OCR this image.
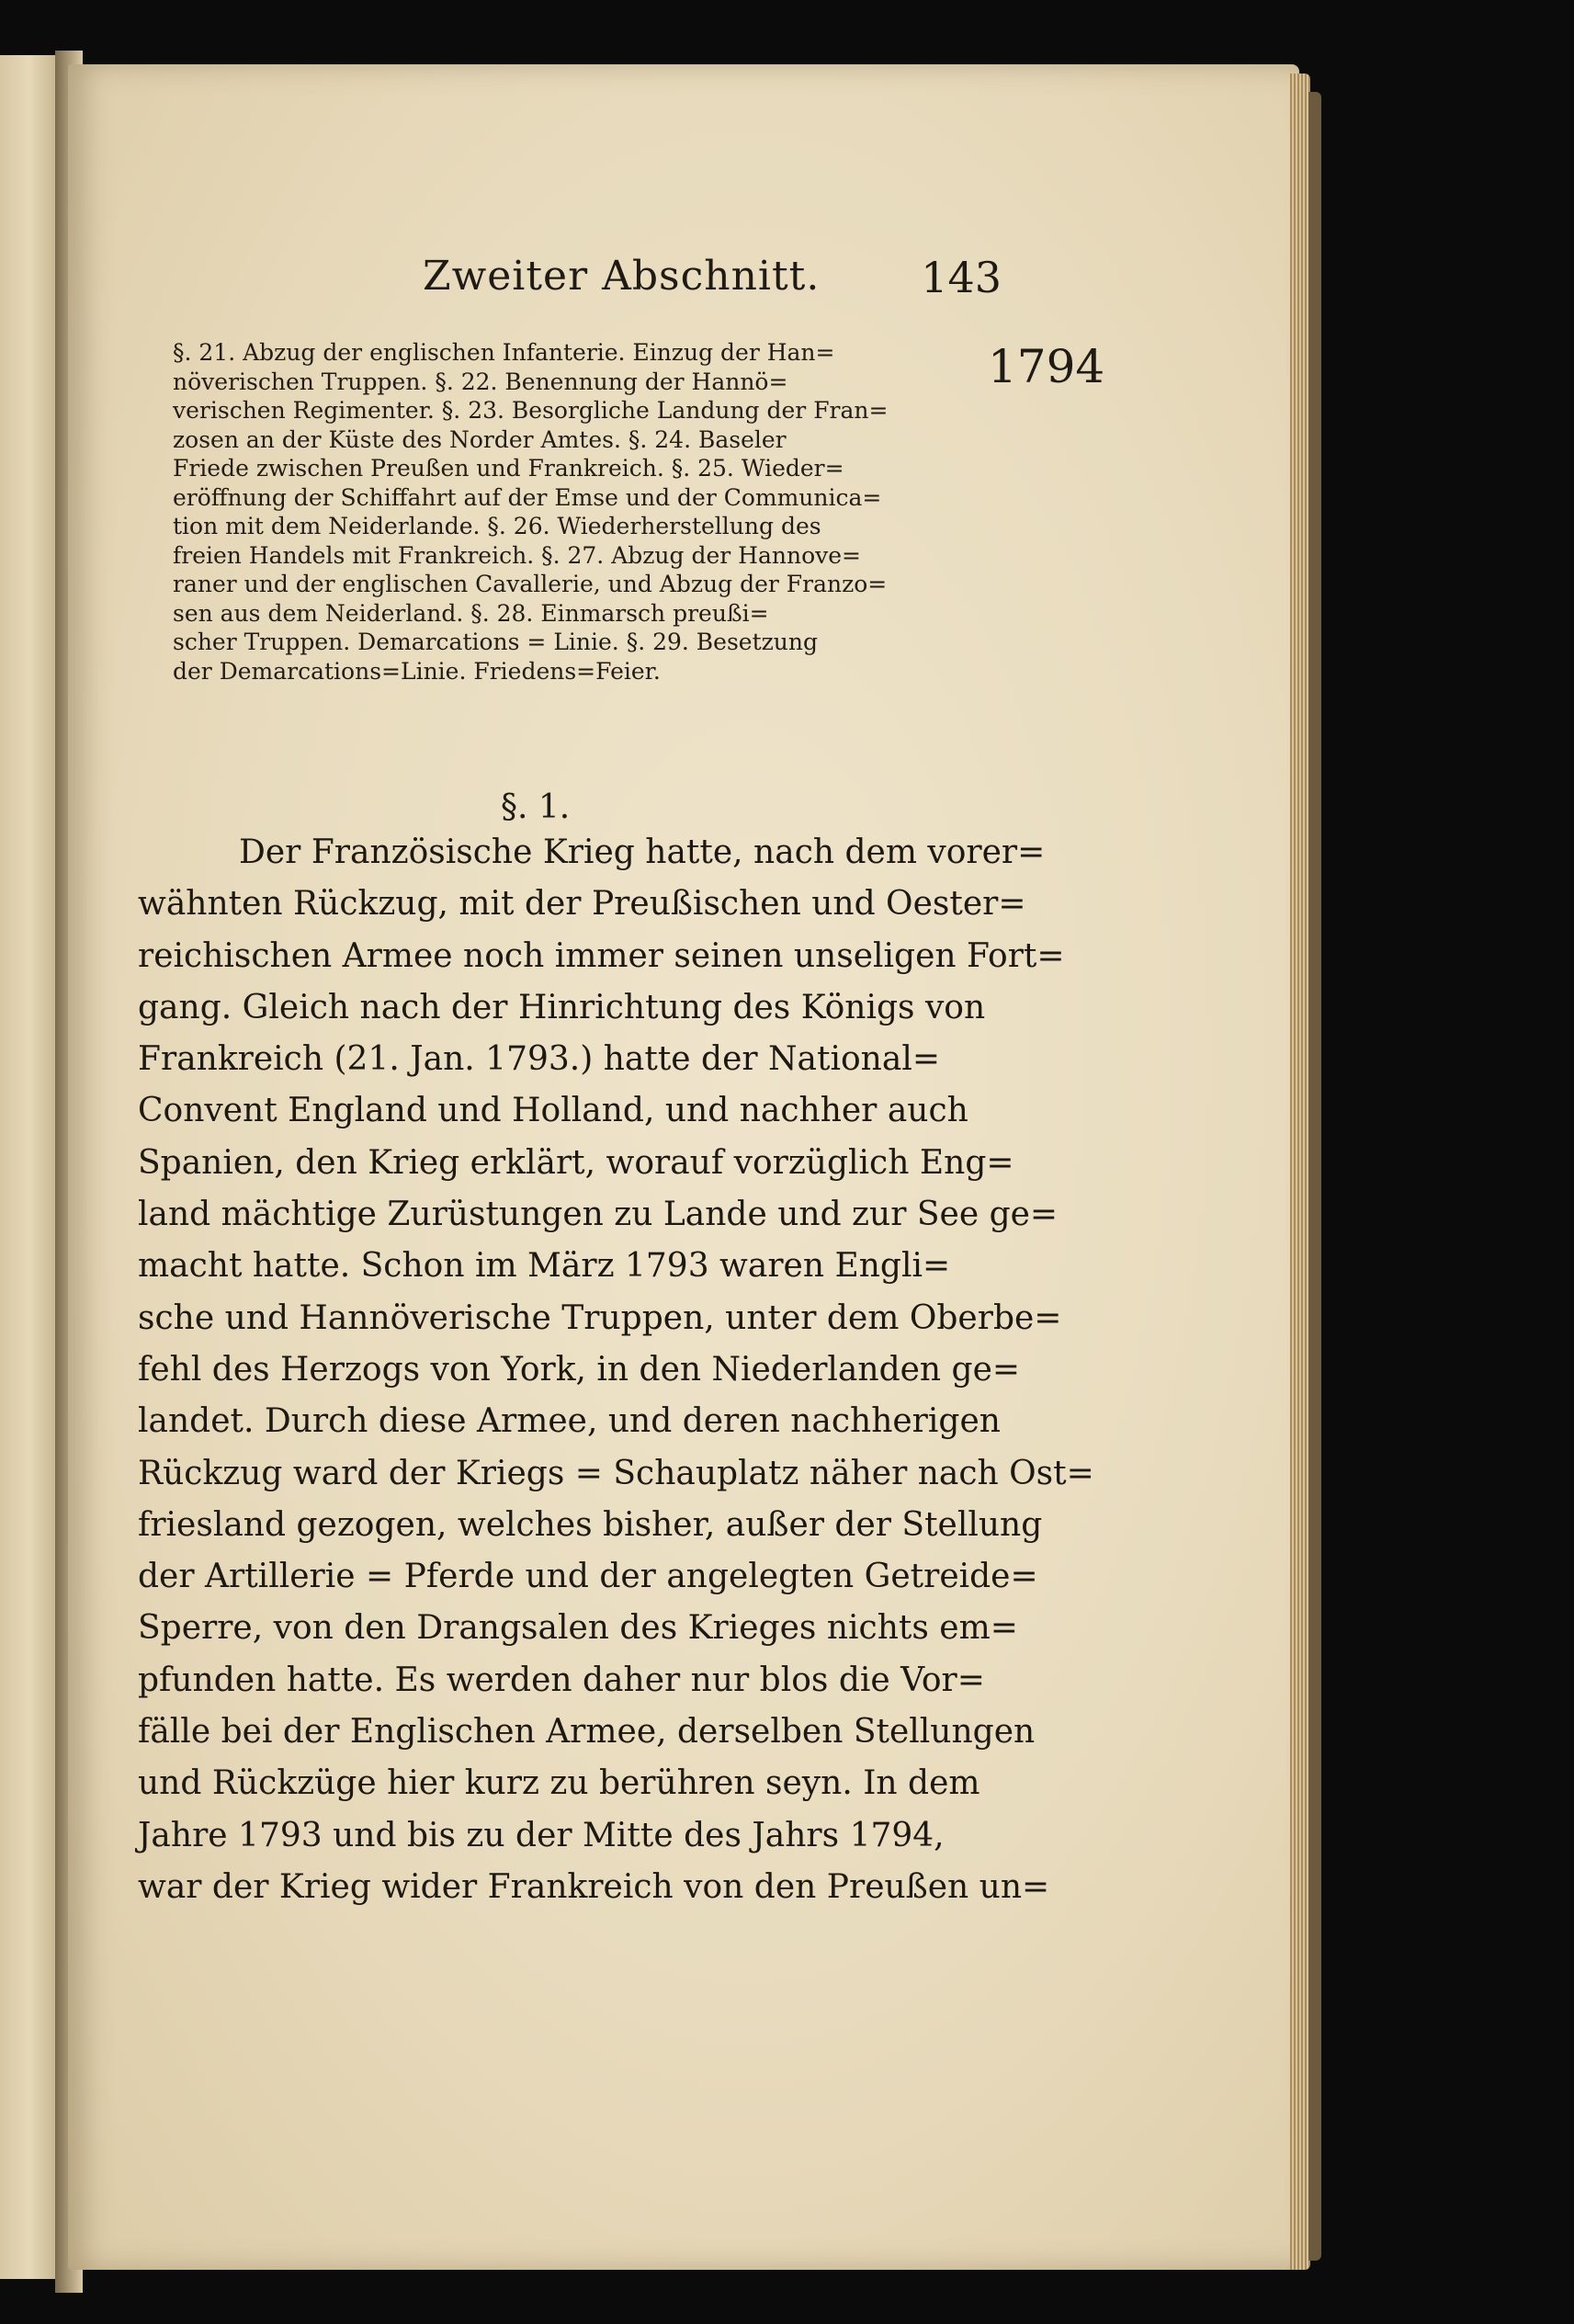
Zweiter Abschnitt. 143
1794
§. 21. Abzug der englischen Infanterie. Einzug der Han=
növerischen Truppen. §. 22. Benennung der Hannö=
verischen Regimenter. §. 23. Besorgliche Landung der Fran=
zosen an der Küste des Norder Amtes. §. 24. Baseler
Friede zwischen Preußen und Frankreich. §. 25. Wieder=
eröffnung der Schiffahrt auf der Emse und der Communica=
tion mit dem Neiderlande. §. 26. Wiederherstellung des
freien Handels mit Frankreich. §. 27. Abzug der Hannove=
raner und der englischen Cavallerie, und Abzug der Franzo=
sen aus dem Neiderland. §. 28. Einmarsch preußi=
scher Truppen. Demarcations = Linie. §. 29. Besetzung
der Demarcations=Linie. Friedens=Feier.
§. 1.
Der Französische Krieg hatte, nach dem vorer=
wähnten Rückzug, mit der Preußischen und Oester=
reichischen Armee noch immer seinen unseligen Fort=
gang. Gleich nach der Hinrichtung des Königs von
Frankreich (21. Jan. 1793.) hatte der National=
Convent England und Holland, und nachher auch
Spanien, den Krieg erklärt, worauf vorzüglich Eng=
land mächtige Zurüstungen zu Lande und zur See ge=
macht hatte. Schon im März 1793 waren Engli=
sche und Hannöverische Truppen, unter dem Oberbe=
fehl des Herzogs von York, in den Niederlanden ge=
landet. Durch diese Armee, und deren nachherigen
Rückzug ward der Kriegs = Schauplatz näher nach Ost=
friesland gezogen, welches bisher, außer der Stellung
der Artillerie = Pferde und der angelegten Getreide=
Sperre, von den Drangsalen des Krieges nichts em=
pfunden hatte. Es werden daher nur blos die Vor=
fälle bei der Englischen Armee, derselben Stellungen
und Rückzüge hier kurz zu berühren seyn. In dem
Jahre 1793 und bis zu der Mitte des Jahrs 1794,
war der Krieg wider Frankreich von den Preußen un=
